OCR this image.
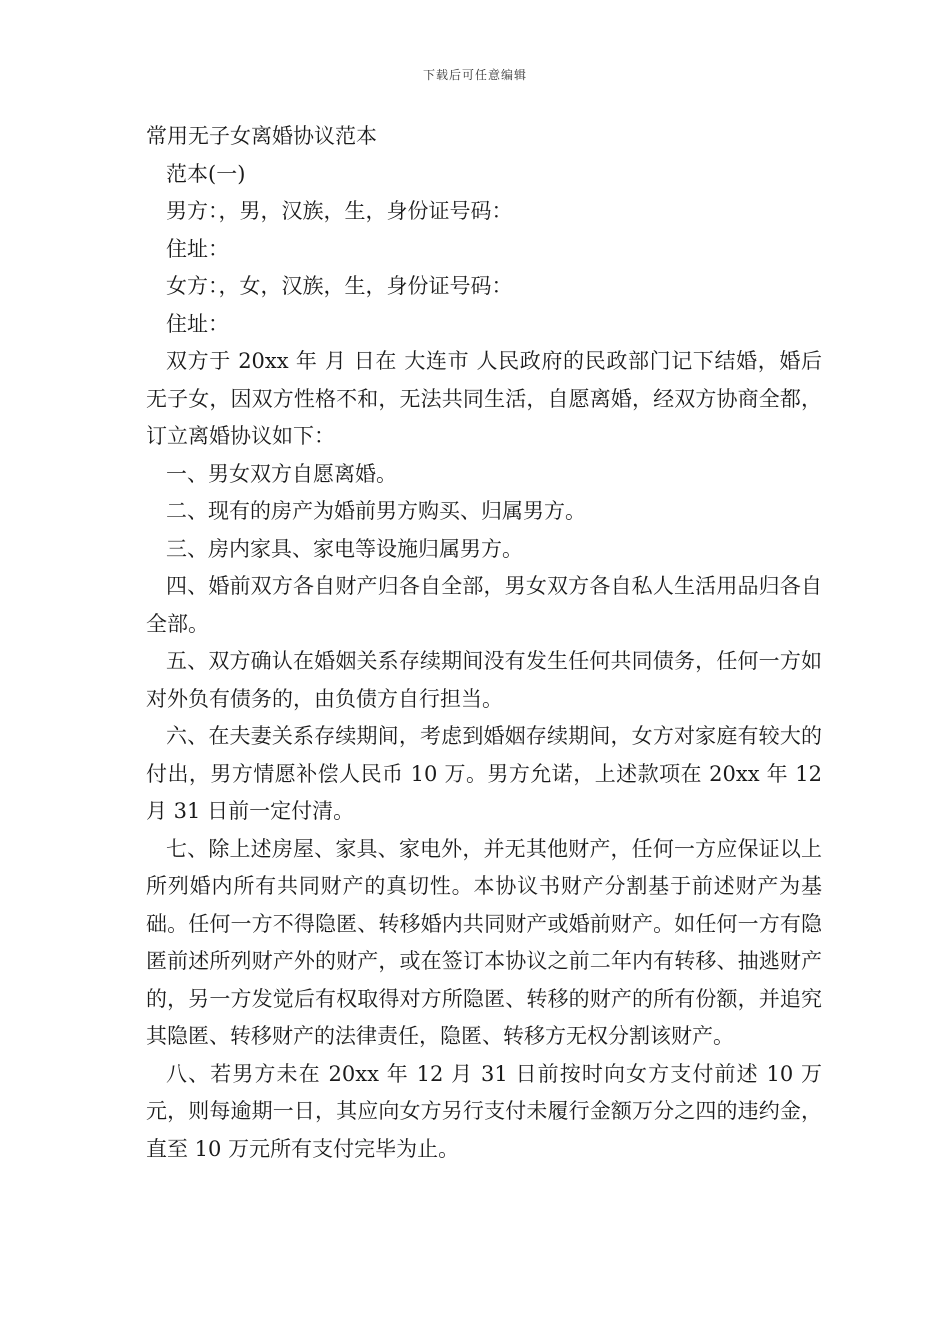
下载后可任意编辑

常用无子女离婚协议范本

范本(一)

男方：，男，汉族，生，身份证号码：

住址：

女方：，女，汉族，生，身份证号码：

住址：

双方于 20xx 年 月 日在 大连市 人民政府的民政部门记下结婚，婚后无子女，因双方性格不和，无法共同生活，自愿离婚，经双方协商全都，订立离婚协议如下：

一、男女双方自愿离婚。

二、现有的房产为婚前男方购买、归属男方。

三、房内家具、家电等设施归属男方。

四、婚前双方各自财产归各自全部，男女双方各自私人生活用品归各自全部。

五、双方确认在婚姻关系存续期间没有发生任何共同债务，任何一方如对外负有债务的，由负债方自行担当。

六、在夫妻关系存续期间，考虑到婚姻存续期间，女方对家庭有较大的付出，男方情愿补偿人民币 10 万。男方允诺，上述款项在 20xx 年 12 月 31 日前一定付清。

七、除上述房屋、家具、家电外，并无其他财产，任何一方应保证以上所列婚内所有共同财产的真切性。本协议书财产分割基于前述财产为基础。任何一方不得隐匿、转移婚内共同财产或婚前财产。如任何一方有隐匿前述所列财产外的财产，或在签订本协议之前二年内有转移、抽逃财产的，另一方发觉后有权取得对方所隐匿、转移的财产的所有份额，并追究其隐匿、转移财产的法律责任，隐匿、转移方无权分割该财产。

八、若男方未在 20xx 年 12 月 31 日前按时向女方支付前述 10 万元，则每逾期一日，其应向女方另行支付未履行金额万分之四的违约金，直至 10 万元所有支付完毕为止。
